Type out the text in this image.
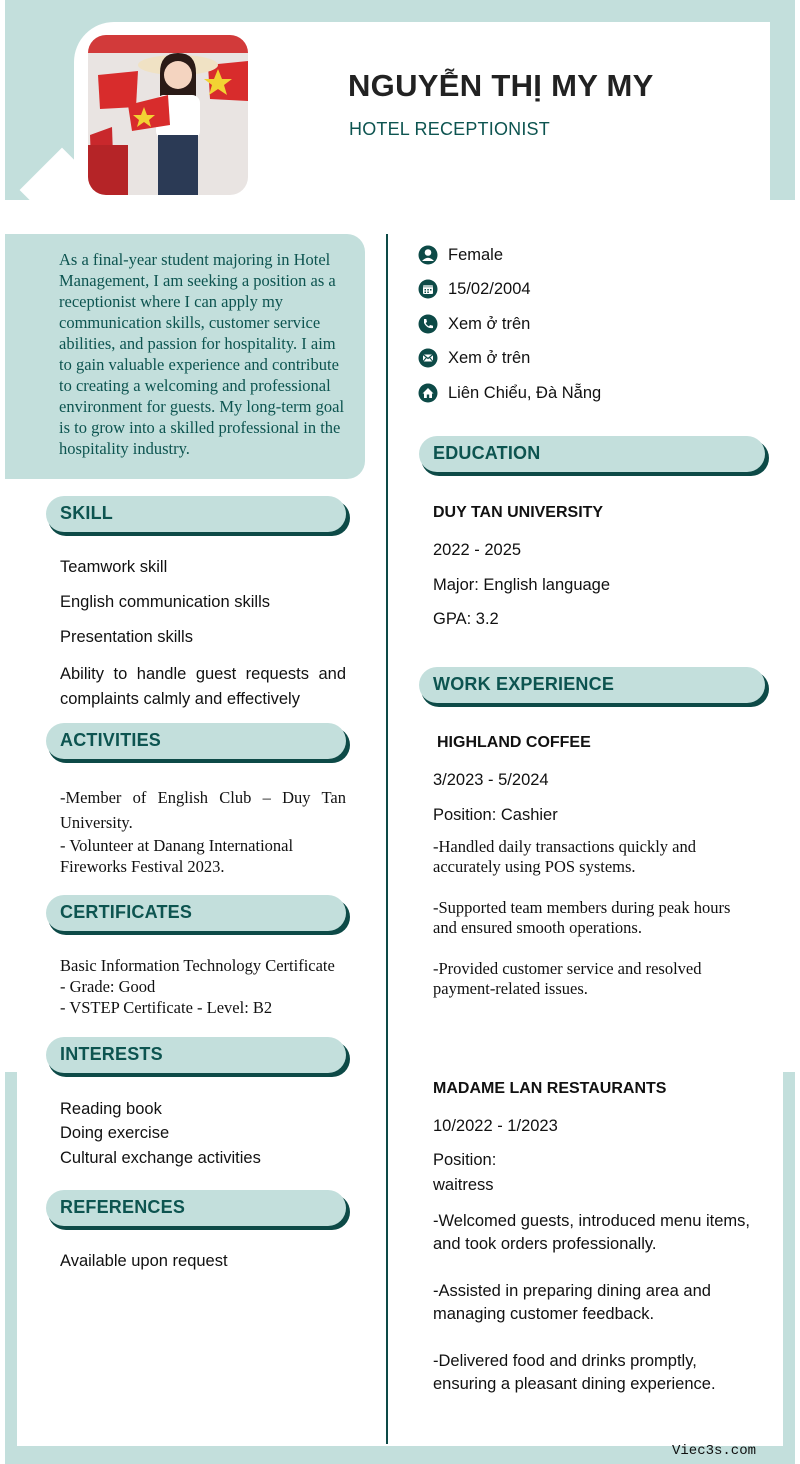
NGUYỄN THỊ MY MY
HOTEL RECEPTIONIST

As a final-year student majoring in Hotel Management, I am seeking a position as a receptionist where I can apply my communication skills, customer service abilities, and passion for hospitality. I aim to gain valuable experience and contribute to creating a welcoming and professional environment for guests. My long-term goal is to grow into a skilled professional in the hospitality industry.

Female
15/02/2004
Xem ở trên
Xem ở trên
Liên Chiểu, Đà Nẵng
SKILL
Teamwork skill
English communication skills
Presentation skills
Ability to handle guest requests and complaints calmly and effectively
ACTIVITIES
-Member of English Club – Duy Tan University.
- Volunteer at Danang International Fireworks Festival 2023.
CERTIFICATES
Basic Information Technology Certificate
- Grade: Good
- VSTEP Certificate - Level: B2
INTERESTS
Reading book
Doing exercise
Cultural exchange activities
REFERENCES
Available upon request
EDUCATION
DUY TAN UNIVERSITY
2022 - 2025
Major: English language
GPA: 3.2
WORK EXPERIENCE
HIGHLAND COFFEE
3/2023 - 5/2024
Position: Cashier
-Handled daily transactions quickly and accurately using POS systems.
-Supported team members during peak hours and ensured smooth operations.
-Provided customer service and resolved payment-related issues.
MADAME LAN RESTAURANTS
10/2022 - 1/2023
Position:
waitress
-Welcomed guests, introduced menu items, and took orders professionally.
-Assisted in preparing dining area and managing customer feedback.
-Delivered food and drinks promptly, ensuring a pleasant dining experience.
Viec3s.com
